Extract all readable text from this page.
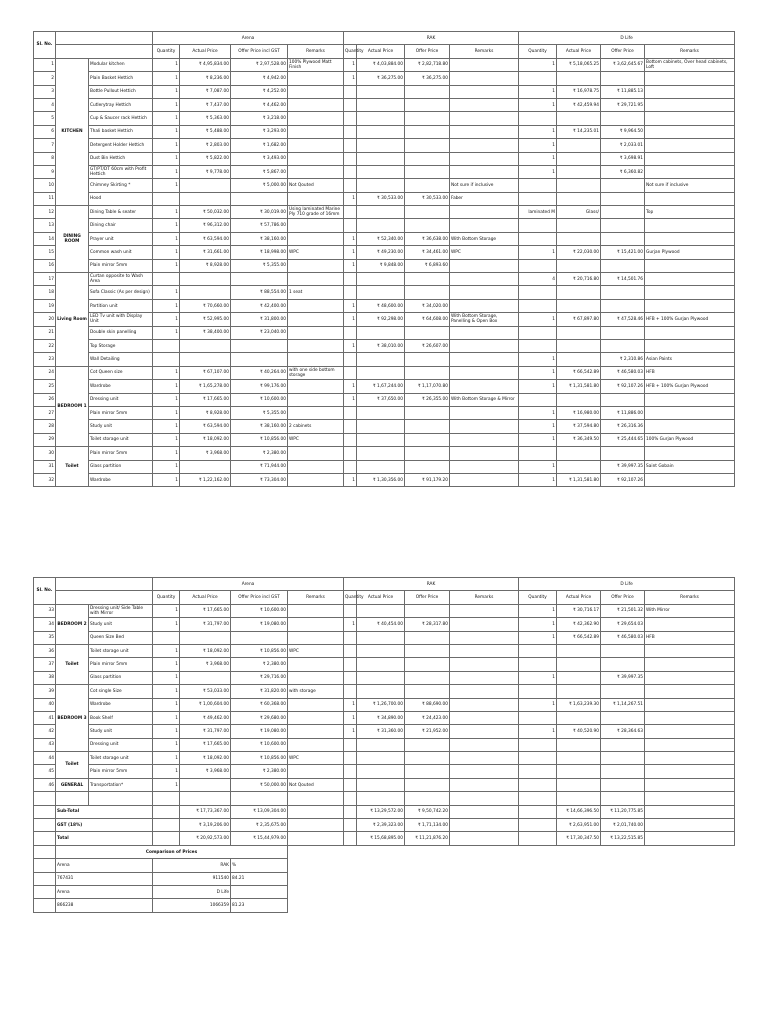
Sl. No.			Arena				RAK				D Life			
			Quantity	Actual Price	Offer Price incl GST	Remarks	Quantity	Actual Price	Offer Price	Remarks	Quantity	Actual Price	Offer Price	Remarks
1	KITCHEN	Modular kitchen	1	₹ 4,95,834.00	₹ 2,97,528.00	100% Plywood Matt Finish	1	₹ 4,03,884.00	₹ 2,82,718.80		1	₹ 5,18,065.25	₹ 3,62,645.67	Bottom cabinets, Over head cabinets, Loft
2		Plain Basket Hettich	1	₹ 8,236.00	₹ 4,942.00		1	₹ 36,275.00	₹ 36,275.00					
3		Bottle Pullout Hettich	1	₹ 7,087.00	₹ 4,252.00						1	₹ 16,978.75	₹ 11,885.13	
4		Cutlerytray Hettich	1	₹ 7,437.00	₹ 4,462.00						1	₹ 42,459.94	₹ 29,721.95	
5		Cup & Saucer rack Hettich	1	₹ 5,363.00	₹ 3,218.00									
6		Thali basket Hettich	1	₹ 5,488.00	₹ 3,293.00						1	₹ 14,235.01	₹ 9,964.50	
7		Detergent Holder Hettich	1	₹ 2,803.00	₹ 1,682.00						1		₹ 2,033.01	
8		Dust Bin Hettich	1	₹ 5,822.00	₹ 3,493.00						1		₹ 3,698.91	
9		GT/PT/DT 60cm with Profit Hettich	1	₹ 9,778.00	₹ 5,867.00						1		₹ 6,360.82	
10		Chimney Skirting *	1		₹ 5,000.00	Not Qouted				Not sure if inclusive				Not sure if inclusive
11		Hood					1	₹ 30,533.00	₹ 30,533.00	Faber				
12	DINING ROOM	Dining Table & seater	1	₹ 50,032.00	₹ 30,019.00	Using laminated Marine Ply 710 grade of 16mm					laminated M	Glass/		Top
13		Dining chair	1	₹ 96,312.00	₹ 57,786.00									
14		Prayer unit	1	₹ 63,594.00	₹ 38,160.00		1	₹ 52,340.00	₹ 36,638.00	With Bottom Storage				
15		Common wash unit	1	₹ 31,661.00	₹ 18,998.00	WPC	1	₹ 49,230.00	₹ 34,461.00	WPC	1	₹ 22,030.00	₹ 15,421.00	Gurjan Plywood
16		Plain mirror 5mm	1	₹ 8,928.00	₹ 5,355.00		1	₹ 9,848.00	₹ 6,893.60					
17	Living Room	Curtan opposite to Wash Area									4	₹ 20,716.80	₹ 14,501.76	
18		Sofa Classic (As per design)	1		₹ 88,554.00	1 seat								
19		Partition unit	1	₹ 70,660.00	₹ 42,400.00		1	₹ 48,600.00	₹ 34,020.00					
20		LED Tv unit with Display Unit	1	₹ 52,995.00	₹ 31,800.00		1	₹ 92,298.00	₹ 64,608.00	With Bottom Storage, Panelling & Open Box	1	₹ 67,897.80	₹ 47,528.46	HFB + 100% Gurjan Plywood
21		Double skin panelling	1	₹ 38,400.00	₹ 23,040.00									
22		Top Storage					1	₹ 38,010.00	₹ 26,607.00					
23		Wall Detailing									1		₹ 2,310.86	Asian Paints
24	BEDROOM 1	Cot Queen size	1	₹ 67,107.00	₹ 40,264.00	with one side bottom storage					1	₹ 66,542.89	₹ 46,580.03	HFB
25		Wardrobe	1	₹ 1,65,278.00	₹ 99,176.00		1	₹ 1,67,244.00	₹ 1,17,070.80		1	₹ 1,31,581.80	₹ 92,107.26	HFB + 100% Gurjan Plywood
26		Dressing unit	1	₹ 17,665.00	₹ 10,600.00		1	₹ 37,650.00	₹ 26,355.00	With Bottom Storage & Mirror				
27		Plain mirror 5mm	1	₹ 8,928.00	₹ 5,355.00						1	₹ 16,980.00	₹ 11,886.00	
28		Study unit	1	₹ 63,594.00	₹ 38,160.00	2 cabinets					1	₹ 37,594.80	₹ 26,316.36	
29		Toilet storage unit	1	₹ 18,092.00	₹ 10,856.00	WPC					1	₹ 36,349.50	₹ 25,444.65	100% Gurjan Plywood
30	Toilet	Plain mirror 5mm	1	₹ 3,968.00	₹ 2,380.00									
31		Glass partition	1		₹ 71,944.00						1		₹ 39,997.35	Saint Gobain
32		Wardrobe	1	₹ 1,22,162.00	₹ 73,304.00		1	₹ 1,30,356.00	₹ 91,179.20		1	₹ 1,31,581.80	₹ 92,107.26	
Sl. No.			Arena				RAK				D Life			
			Quantity	Actual Price	Offer Price incl GST	Remarks	Quantity	Actual Price	Offer Price	Remarks	Quantity	Actual Price	Offer Price	Remarks
33	BEDROOM 2	Dressing unit/ Side Table with Mirror	1	₹ 17,665.00	₹ 10,600.00						1	₹ 30,716.17	₹ 21,501.32	With Mirror
34		Study unit	1	₹ 31,797.00	₹ 19,080.00		1	₹ 40,454.00	₹ 28,317.80		1	₹ 42,362.90	₹ 29,654.03	
35		Queen Size Bed									1	₹ 66,542.89	₹ 46,580.03	HFB
36	Toilet	Toilet storage unit	1	₹ 18,092.00	₹ 10,856.00	WPC								
37		Plain mirror 5mm	1	₹ 3,968.00	₹ 2,380.00									
38		Glass partition	1		₹ 29,716.00						1		₹ 39,997.35	
39	BEDROOM 3	Cot single Size	1	₹ 53,033.00	₹ 31,820.00	with storage								
40		Wardrobe	1	₹ 1,00,604.00	₹ 60,368.00		1	₹ 1,26,700.00	₹ 88,690.00		1	₹ 1,63,239.30	₹ 1,14,267.51	
41		Book Shelf	1	₹ 49,462.00	₹ 29,680.00		1	₹ 34,890.00	₹ 24,423.00					
42		Study unit	1	₹ 31,797.00	₹ 19,080.00		1	₹ 31,360.00	₹ 21,952.00		1	₹ 40,520.90	₹ 28,364.63	
43		Dressing unit	1	₹ 17,665.00	₹ 10,600.00									
44	Toilet	Toilet storage unit	1	₹ 18,092.00	₹ 10,856.00	WPC								
45		Plain mirror 5mm	1	₹ 3,968.00	₹ 2,380.00									
46	GENERAL	Transportation*	1		₹ 50,000.00	Not Qouted								

	Sub-Total			₹ 17,73,367.00	₹ 13,09,304.00			₹ 13,29,572.00	₹ 9,50,742.20			₹ 14,66,396.50	₹ 11,20,775.85	
	GST (18%)			₹ 3,19,206.00	₹ 2,35,675.00			₹ 2,39,323.00	₹ 1,71,134.00			₹ 2,63,951.00	₹ 2,01,740.00	
	Total			₹ 20,92,573.00	₹ 15,44,979.00			₹ 15,68,895.00	₹ 11,21,876.20			₹ 17,30,347.50	₹ 13,22,515.85	
	Comparison of Prices													
	Arena		RAK		%									
	767431		911540		84.21									
	Arena		D Life											
	866238		1066359		81.23									
